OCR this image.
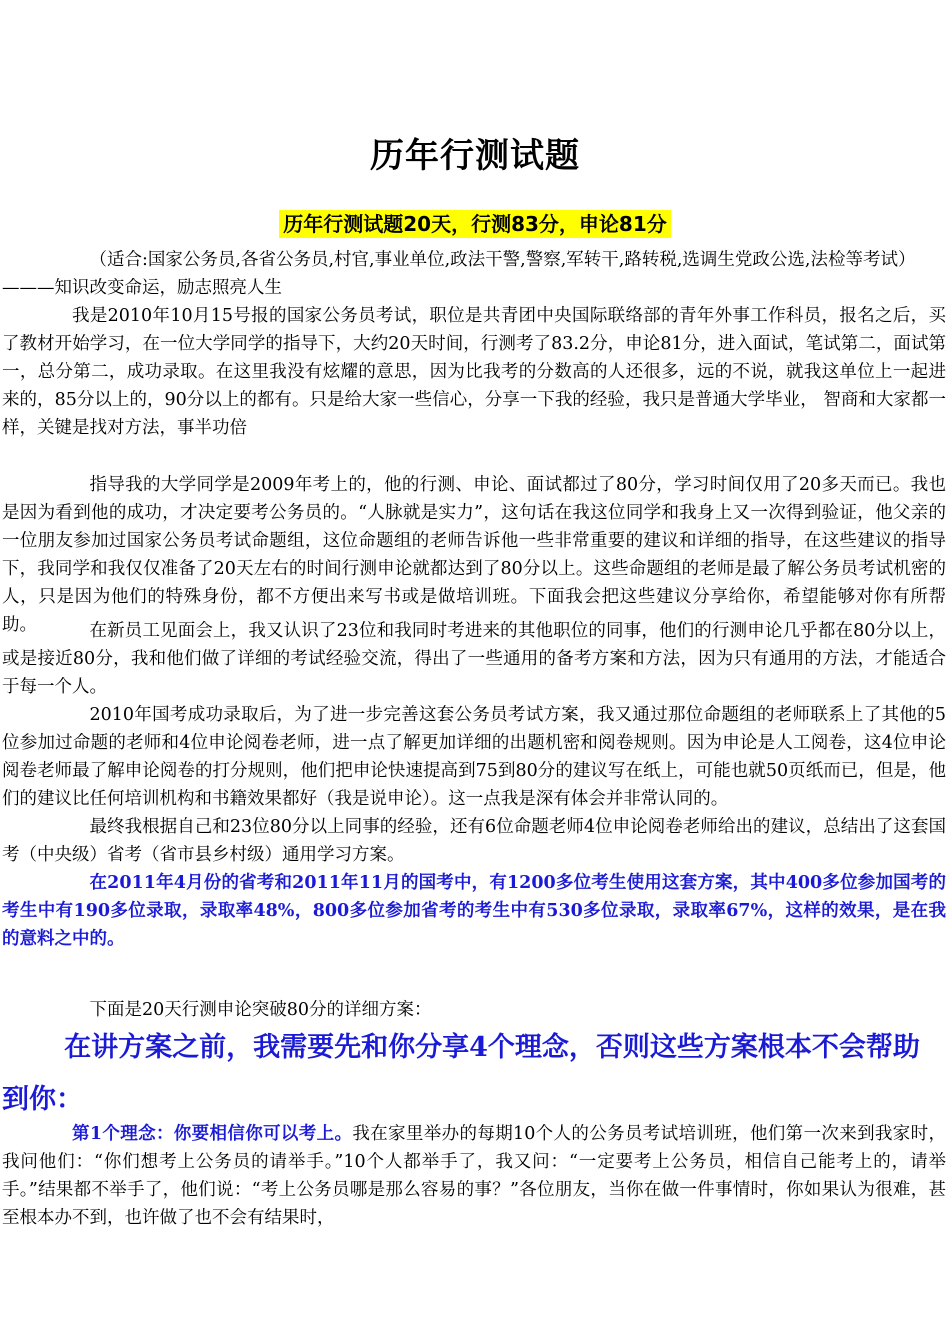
历年行测试题
历年行测试题20天，行测83分，申论81分

（适合:国家公务员,各省公务员,村官,事业单位,政法干警,警察,军转干,路转税,选调生党政公选,法检等考试）

———知识改变命运，励志照亮人生

我是2010年10月15号报的国家公务员考试，职位是共青团中央国际联络部的青年外事工作科员，报名之后，买了教材开始学习，在一位大学同学的指导下，大约20天时间，行测考了83.2分，申论81分，进入面试，笔试第二，面试第一，总分第二，成功录取。在这里我没有炫耀的意思，因为比我考的分数高的人还很多，远的不说，就我这单位上一起进来的，85分以上的，90分以上的都有。只是给大家一些信心，分享一下我的经验，我只是普通大学毕业， 智商和大家都一样，关键是找对方法，事半功倍

指导我的大学同学是2009年考上的，他的行测、申论、面试都过了80分，学习时间仅用了20多天而已。我也是因为看到他的成功，才决定要考公务员的。“人脉就是实力”，这句话在我这位同学和我身上又一次得到验证，他父亲的一位朋友参加过国家公务员考试命题组，这位命题组的老师告诉他一些非常重要的建议和详细的指导，在这些建议的指导下，我同学和我仅仅准备了20天左右的时间行测申论就都达到了80分以上。这些命题组的老师是最了解公务员考试机密的人，只是因为他们的特殊身份，都不方便出来写书或是做培训班。下面我会把这些建议分享给你，希望能够对你有所帮助。	在新员工见面会上，我又认识了23位和我同时考进来的其他职位的同事，他们的行测申论几乎都在80分以上，或是接近80分，我和他们做了详细的考试经验交流，得出了一些通用的备考方案和方法，因为只有通用的方法，才能适合于每一个人。

2010年国考成功录取后，为了进一步完善这套公务员考试方案，我又通过那位命题组的老师联系上了其他的5位参加过命题的老师和4位申论阅卷老师，进一点了解更加详细的出题机密和阅卷规则。因为申论是人工阅卷，这4位申论阅卷老师最了解申论阅卷的打分规则，他们把申论快速提高到75到80分的建议写在纸上，可能也就50页纸而已，但是，他们的建议比任何培训机构和书籍效果都好（我是说申论）。这一点我是深有体会并非常认同的。

最终我根据自己和23位80分以上同事的经验，还有6位命题老师4位申论阅卷老师给出的建议，总结出了这套国考（中央级）省考（省市县乡村级）通用学习方案。

在2011年4月份的省考和2011年11月的国考中，有1200多位考生使用这套方案，其中400多位参加国考的考生中有190多位录取，录取率48%，800多位参加省考的考生中有530多位录取，录取率67%，这样的效果，是在我的意料之中的。

下面是20天行测申论突破80分的详细方案：

在讲方案之前，我需要先和你分享4个理念，否则这些方案根本不会帮助到你：

第1个理念：你要相信你可以考上。我在家里举办的每期10个人的公务员考试培训班，他们第一次来到我家时，我问他们：“你们想考上公务员的请举手。”10个人都举手了，我又问：“一定要考上公务员，相信自己能考上的，请举手。”结果都不举手了，他们说：“考上公务员哪是那么容易的事？”各位朋友，当你在做一件事情时，你如果认为很难，甚至根本办不到，也许做了也不会有结果时，
